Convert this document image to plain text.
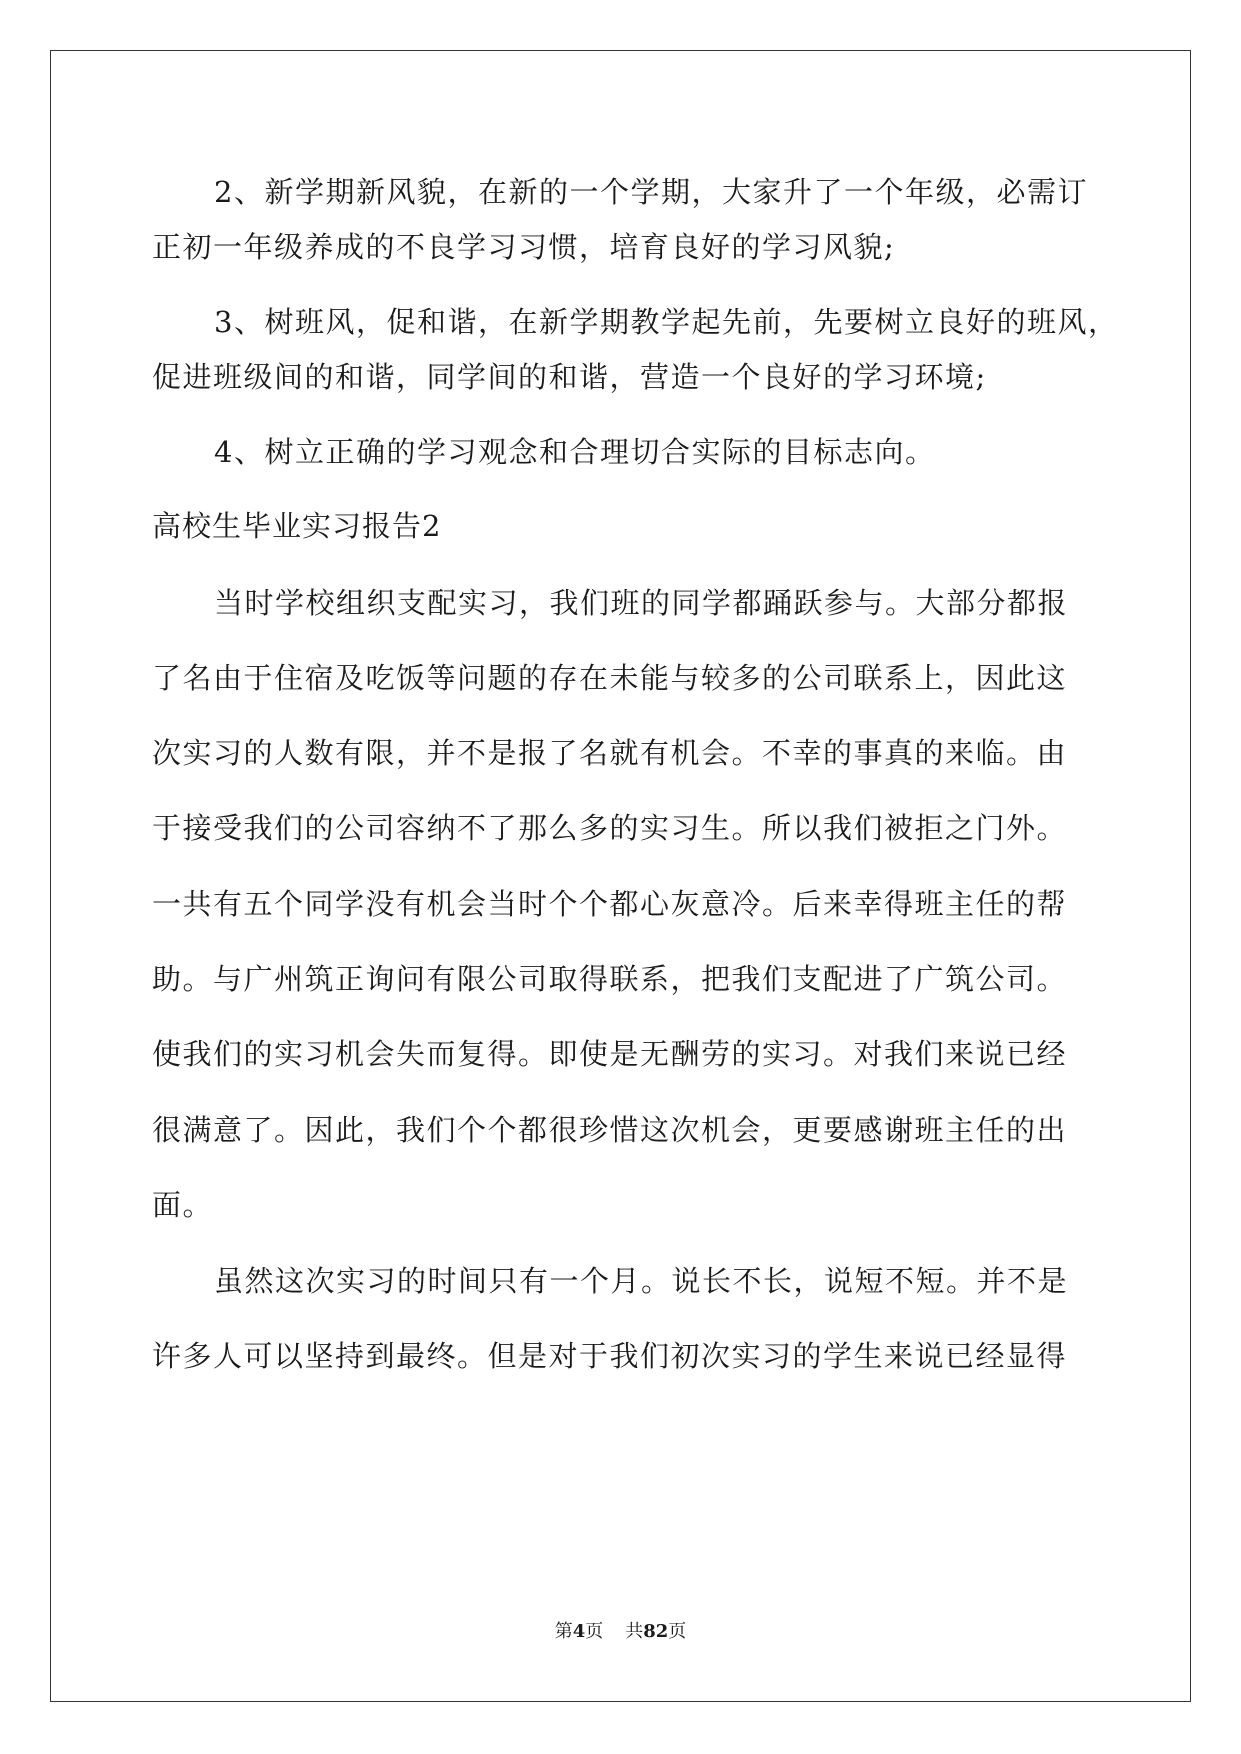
2、新学期新风貌，在新的一个学期，大家升了一个年级，必需订
正初一年级养成的不良学习习惯，培育良好的学习风貌;
3、树班风，促和谐，在新学期教学起先前，先要树立良好的班风，
促进班级间的和谐，同学间的和谐，营造一个良好的学习环境;
4、树立正确的学习观念和合理切合实际的目标志向。
高校生毕业实习报告2
当时学校组织支配实习，我们班的同学都踊跃参与。大部分都报
了名由于住宿及吃饭等问题的存在未能与较多的公司联系上，因此这
次实习的人数有限，并不是报了名就有机会。不幸的事真的来临。由
于接受我们的公司容纳不了那么多的实习生。所以我们被拒之门外。
一共有五个同学没有机会当时个个都心灰意冷。后来幸得班主任的帮
助。与广州筑正询问有限公司取得联系，把我们支配进了广筑公司。
使我们的实习机会失而复得。即使是无酬劳的实习。对我们来说已经
很满意了。因此，我们个个都很珍惜这次机会，更要感谢班主任的出
面。
虽然这次实习的时间只有一个月。说长不长，说短不短。并不是
许多人可以坚持到最终。但是对于我们初次实习的学生来说已经显得
第4页 共82页
